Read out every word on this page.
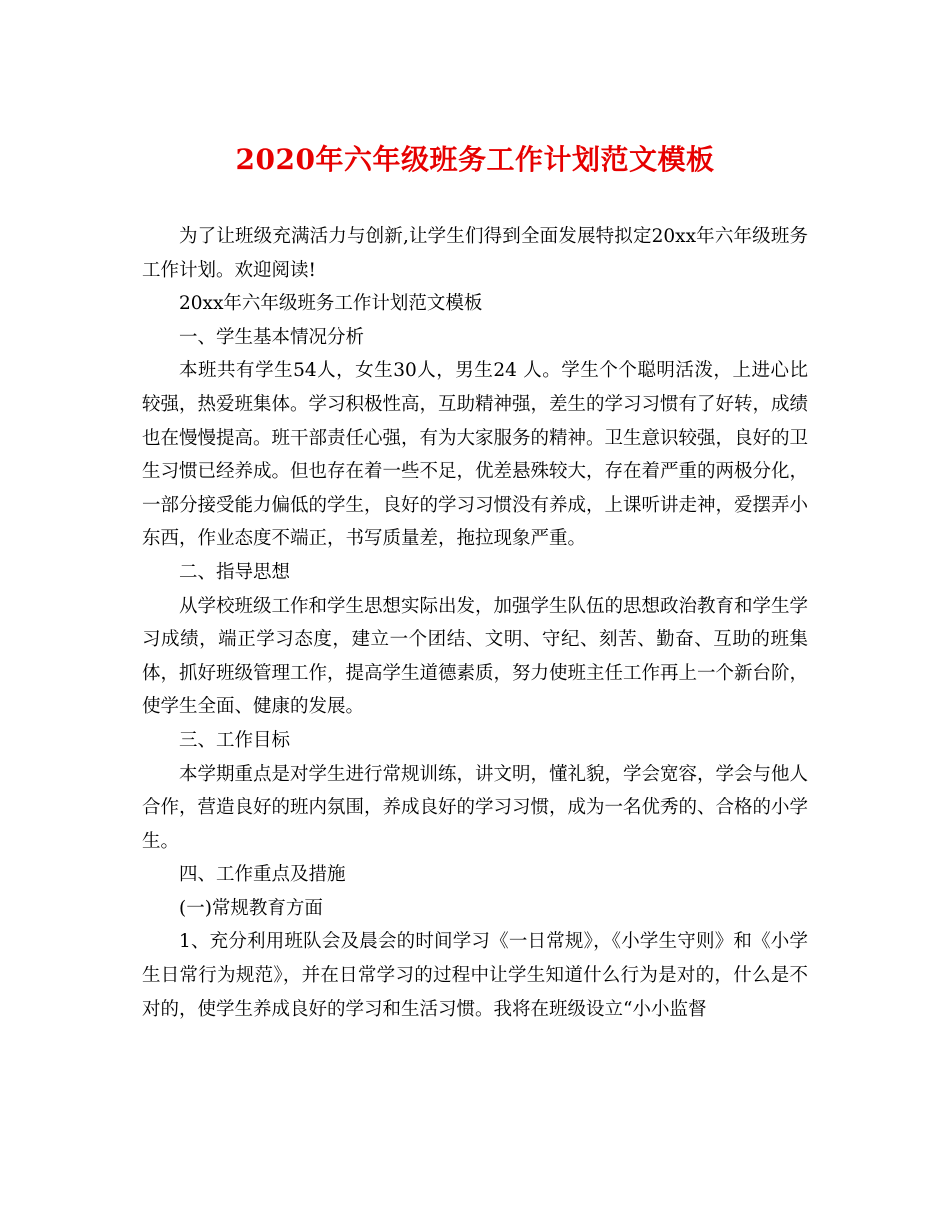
2020年六年级班务工作计划范文模板

为了让班级充满活力与创新,让学生们得到全面发展特拟定20xx年六年级班务工作计划。欢迎阅读!

20xx年六年级班务工作计划范文模板

一、学生基本情况分析

本班共有学生54人，女生30人，男生24 人。学生个个聪明活泼，上进心比较强，热爱班集体。学习积极性高，互助精神强，差生的学习习惯有了好转，成绩也在慢慢提高。班干部责任心强，有为大家服务的精神。卫生意识较强，良好的卫生习惯已经养成。但也存在着一些不足，优差悬殊较大，存在着严重的两极分化，一部分接受能力偏低的学生，良好的学习习惯没有养成，上课听讲走神，爱摆弄小东西，作业态度不端正，书写质量差，拖拉现象严重。

二、指导思想

从学校班级工作和学生思想实际出发，加强学生队伍的思想政治教育和学生学习成绩，端正学习态度，建立一个团结、文明、守纪、刻苦、勤奋、互助的班集体，抓好班级管理工作，提高学生道德素质，努力使班主任工作再上一个新台阶，使学生全面、健康的发展。

三、工作目标

本学期重点是对学生进行常规训练，讲文明，懂礼貌，学会宽容，学会与他人合作，营造良好的班内氛围，养成良好的学习习惯，成为一名优秀的、合格的小学生。

四、工作重点及措施

(一)常规教育方面

1、充分利用班队会及晨会的时间学习《一日常规》，《小学生守则》和《小学生日常行为规范》，并在日常学习的过程中让学生知道什么行为是对的，什么是不对的，使学生养成良好的学习和生活习惯。我将在班级设立“小小监督
